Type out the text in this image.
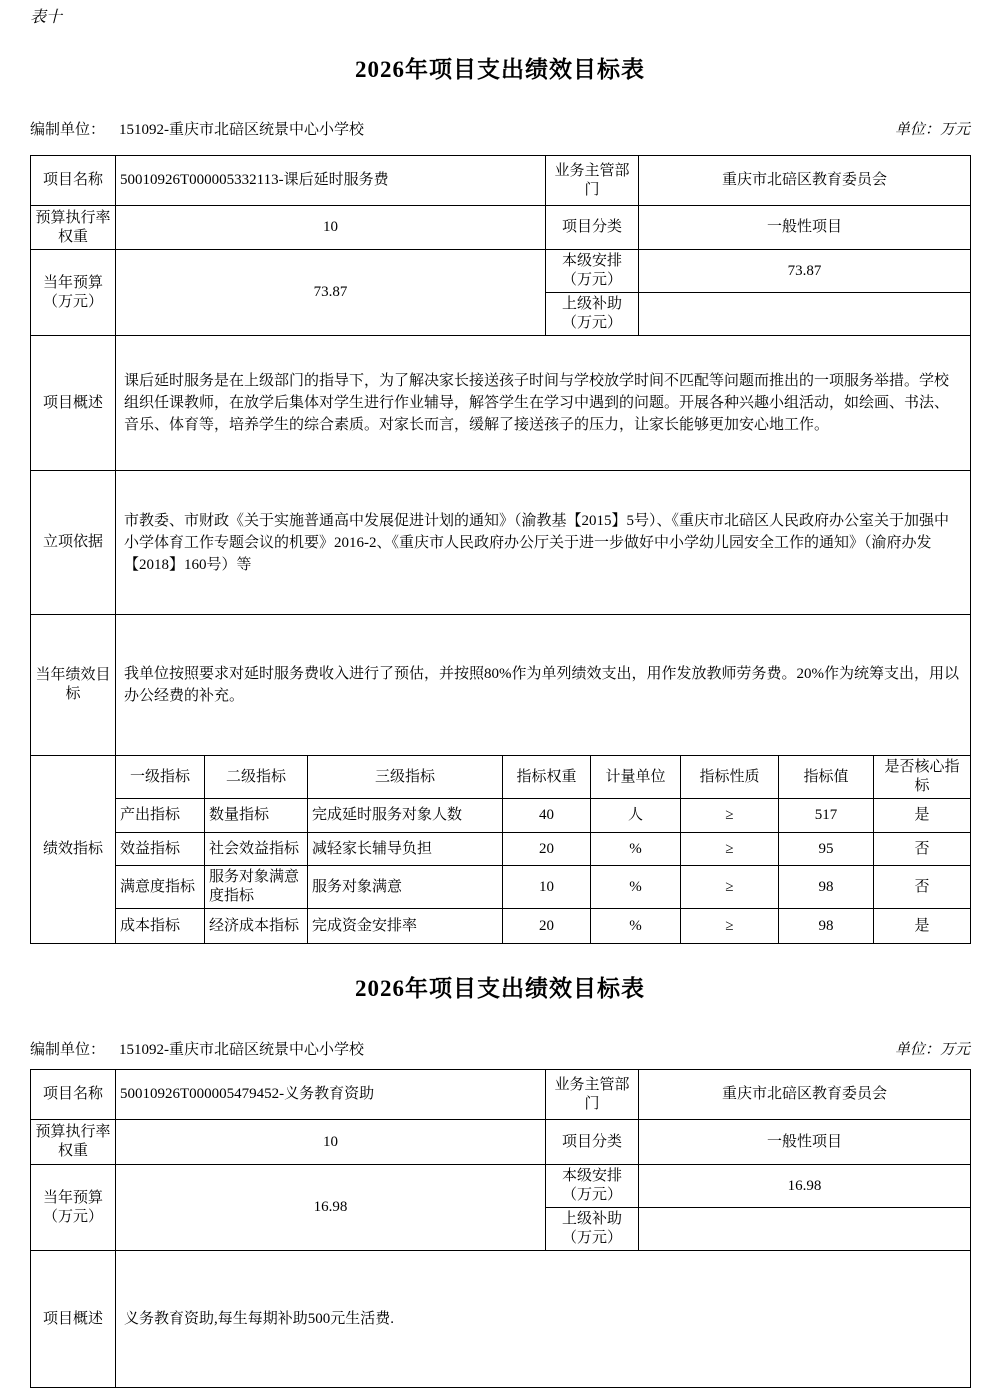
表十
2026年项目支出绩效目标表
编制单位： 151092-重庆市北碚区统景中心小学校	单位：万元
项目名称	50010926T000005332113-课后延时服务费	业务主管部门	重庆市北碚区教育委员会
预算执行率权重	10	项目分类	一般性项目
当年预算（万元）	73.87	本级安排（万元）	73.87
		上级补助（万元）	
项目概述	课后延时服务是在上级部门的指导下，为了解决家长接送孩子时间与学校放学时间不匹配等问题而推出的一项服务举措。学校组织任课教师，在放学后集体对学生进行作业辅导，解答学生在学习中遇到的问题。开展各种兴趣小组活动，如绘画、书法、音乐、体育等，培养学生的综合素质。对家长而言，缓解了接送孩子的压力，让家长能够更加安心地工作。		
立项依据	市教委、市财政《关于实施普通高中发展促进计划的通知》（渝教基【2015】5号）、《重庆市北碚区人民政府办公室关于加强中小学体育工作专题会议的机要》2016-2、《重庆市人民政府办公厅关于进一步做好中小学幼儿园安全工作的通知》（渝府办发【2018】160号）等		
当年绩效目标	我单位按照要求对延时服务费收入进行了预估，并按照80%作为单列绩效支出，用作发放教师劳务费。20%作为统筹支出，用以办公经费的补充。		
绩效指标	一级指标	二级指标	三级指标	指标权重	计量单位	指标性质	指标值	是否核心指标
	产出指标	数量指标	完成延时服务对象人数	40	人	≥	517	是
	效益指标	社会效益指标	减轻家长辅导负担	20	%	≥	95	否
	满意度指标	服务对象满意度指标	服务对象满意	10	%	≥	98	否
	成本指标	经济成本指标	完成资金安排率	20	%	≥	98	是
2026年项目支出绩效目标表
编制单位： 151092-重庆市北碚区统景中心小学校	单位：万元
项目名称	50010926T000005479452-义务教育资助	业务主管部门	重庆市北碚区教育委员会
预算执行率权重	10	项目分类	一般性项目
当年预算（万元）	16.98	本级安排（万元）	16.98
		上级补助（万元）	
项目概述	义务教育资助,每生每期补助500元生活费.		
